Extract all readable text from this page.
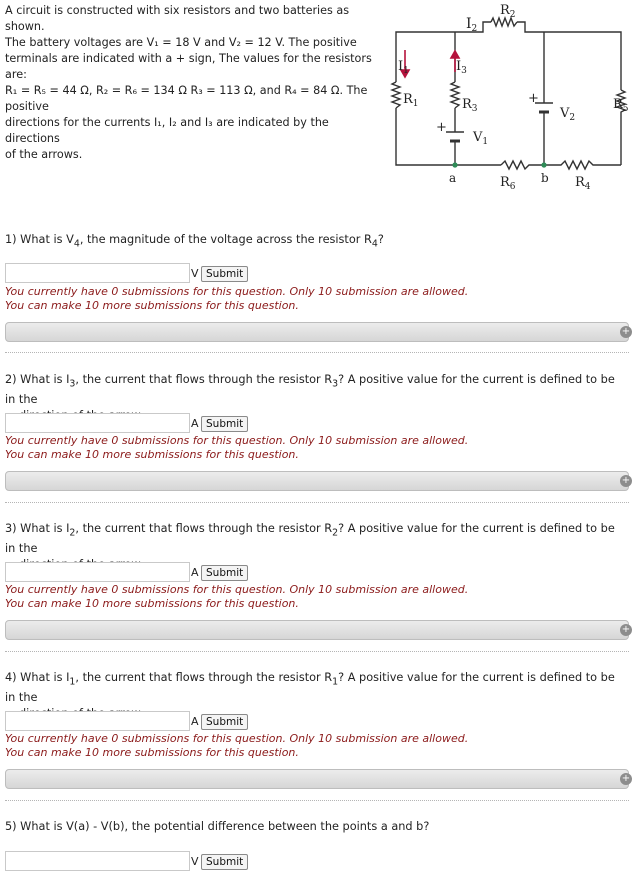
A circuit is constructed with six resistors and two batteries as shown.
The battery voltages are V₁ = 18 V and V₂ = 12 V. The positive
terminals are indicated with a + sign, The values for the resistors are:
R₁ = R₅ = 44 Ω, R₂ = R₆ = 134 Ω R₃ = 113 Ω, and R₄ = 84 Ω. The positive
directions for the currents I₁, I₂ and I₃ are indicated by the directions
of the arrows.
$I_2$
$R_2$
$I_1$	$I_3$
$R_1$	$R_3$
+
$V_1$
+
$V_2$
$R_5$
a	$R_6$
b $R_4$
1) What is $V_4$, the magnitude of the voltage across the resistor $R_4$?
V Submit
You currently have 0 submissions for this question. Only 10 submission are allowed.
You can make 10 more submissions for this question.
+
2) What is $I_3$, the current that flows through the resistor $R_3$? A positive value for the current is defined to be in the
A Submit
You currently have 0 submissions for this question. Only 10 submission are allowed.
You can make 10 more submissions for this question.
+
3) What is $I_2$, the current that flows through the resistor $R_2$? A positive value for the current is defined to be in the
A Submit
You currently have 0 submissions for this question. Only 10 submission are allowed.
You can make 10 more submissions for this question.
+
4) What is $I_1$, the current that flows through the resistor $R_1$? A positive value for the current is defined to be in the
A Submit
You currently have 0 submissions for this question. Only 10 submission are allowed.
You can make 10 more submissions for this question.
+
5) What is V(a) - V(b), the potential difference between the points a and b?
V Submit
